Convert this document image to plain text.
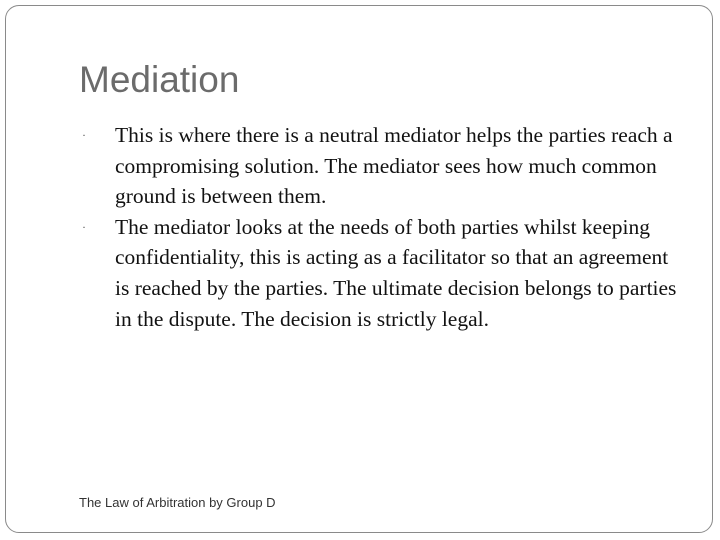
Mediation
· This is where there is a neutral mediator helps the parties reach a compromising solution. The mediator sees how much common ground is between them.
· The mediator looks at the needs of both parties whilst keeping confidentiality, this is acting as a facilitator so that an agreement is reached by the parties. The ultimate decision belongs to parties in the dispute. The decision is strictly legal.
The Law of Arbitration by Group D
